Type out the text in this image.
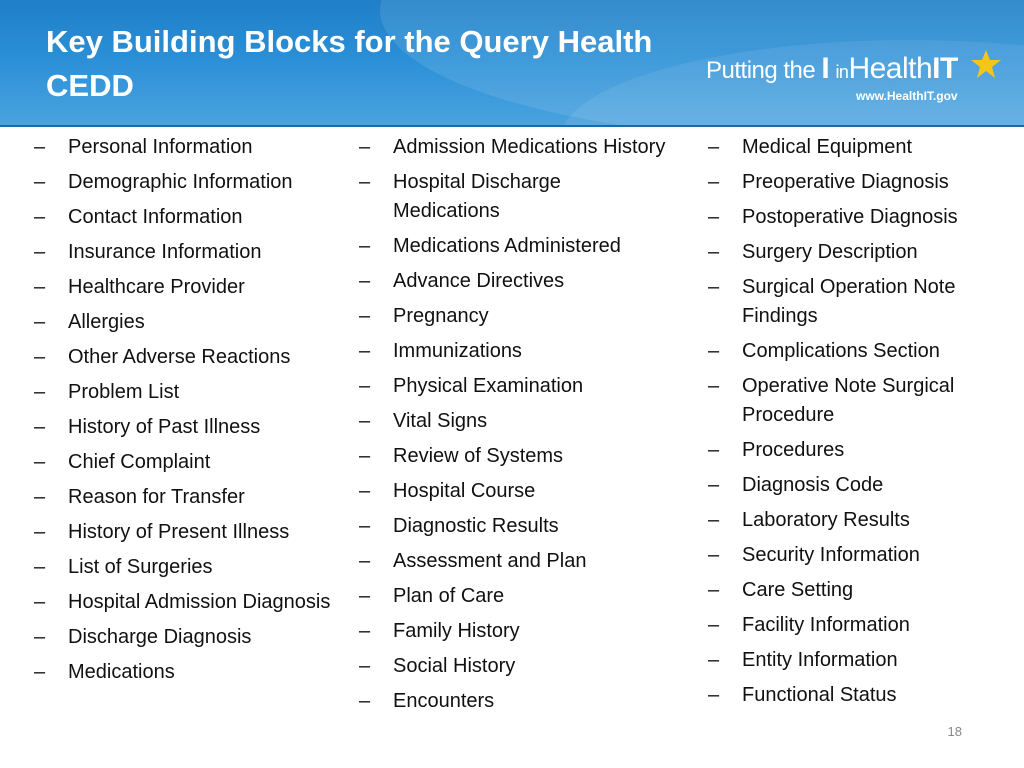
Key Building Blocks for the Query Health
CEDD	Putting the I inHealthIT
www.HealthIT.gov
–	Personal Information
–	Demographic Information
–	Contact Information
–	Insurance Information
–	Healthcare Provider
–	Allergies
–	Other Adverse Reactions
–	Problem List
–	History of Past Illness
–	Chief Complaint
–	Reason for Transfer
–	History of Present Illness
–	List of Surgeries
–	Hospital Admission Diagnosis
–	Discharge Diagnosis
–	Medications
–	Admission Medications History
–	Hospital Discharge Medications
–	Medications Administered
–	Advance Directives
–	Pregnancy
–	Immunizations
–	Physical Examination
–	Vital Signs
–	Review of Systems
–	Hospital Course
–	Diagnostic Results
–	Assessment and Plan
–	Plan of Care
–	Family History
–	Social History
–	Encounters
–	Medical Equipment
–	Preoperative Diagnosis
–	Postoperative Diagnosis
–	Surgery Description
–	Surgical Operation Note Findings
–	Complications Section
–	Operative Note Surgical Procedure
–	Procedures
–	Diagnosis Code
–	Laboratory Results
–	Security Information
–	Care Setting
–	Facility Information
–	Entity Information
–	Functional Status
18
